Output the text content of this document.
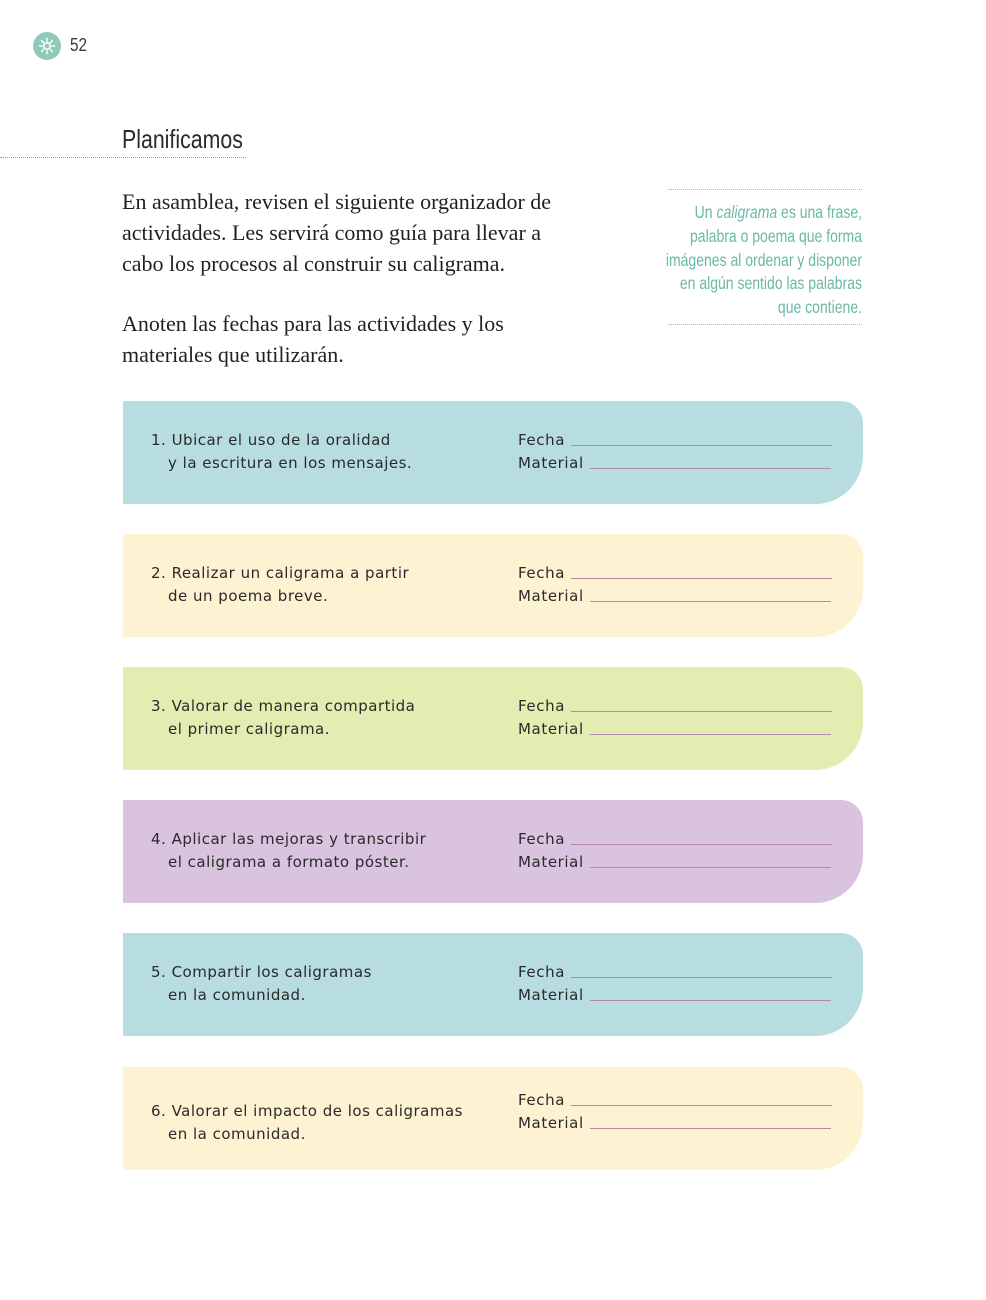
52
Planificamos

En asamblea, revisen el siguiente organizador de actividades. Les servirá como guía para llevar a cabo los procesos al construir su caligrama.

Anoten las fechas para las actividades y los materiales que utilizarán.

Un caligrama es una frase, palabra o poema que forma imágenes al ordenar y disponer en algún sentido las palabras que contiene.

1. Ubicar el uso de la oralidad
y la escritura en los mensajes.
Fecha
Material
2. Realizar un caligrama a partir
de un poema breve.
Fecha
Material
3. Valorar de manera compartida
el primer caligrama.
Fecha
Material
4. Aplicar las mejoras y transcribir
el caligrama a formato póster.
Fecha
Material
5. Compartir los caligramas
en la comunidad.
Fecha
Material
6. Valorar el impacto de los caligramas
en la comunidad.
Fecha
Material
